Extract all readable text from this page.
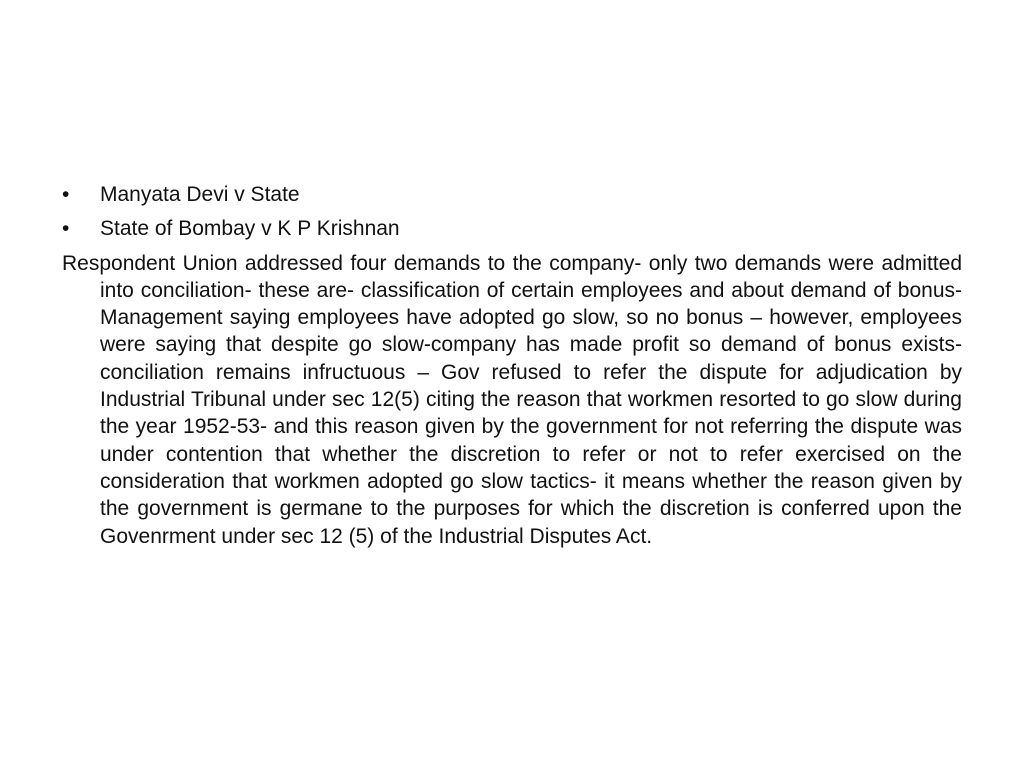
•	Manyata Devi v State
•	State of Bombay v K P Krishnan

Respondent Union addressed four demands to the company- only two demands were admitted into conciliation- these are- classification of certain employees and about demand of bonus- Management saying employees have adopted go slow, so no bonus – however, employees were saying that despite go slow-company has made profit so demand of bonus exists- conciliation remains infructuous – Gov refused to refer the dispute for adjudication by Industrial Tribunal under sec 12(5) citing the reason that workmen resorted to go slow during the year 1952-53- and this reason given by the government for not referring the dispute was under contention that whether the discretion to refer or not to refer exercised on the consideration that workmen adopted go slow tactics- it means whether the reason given by the government is germane to the purposes for which the discretion is conferred upon the Govenrment under sec 12 (5) of the Industrial Disputes Act.
